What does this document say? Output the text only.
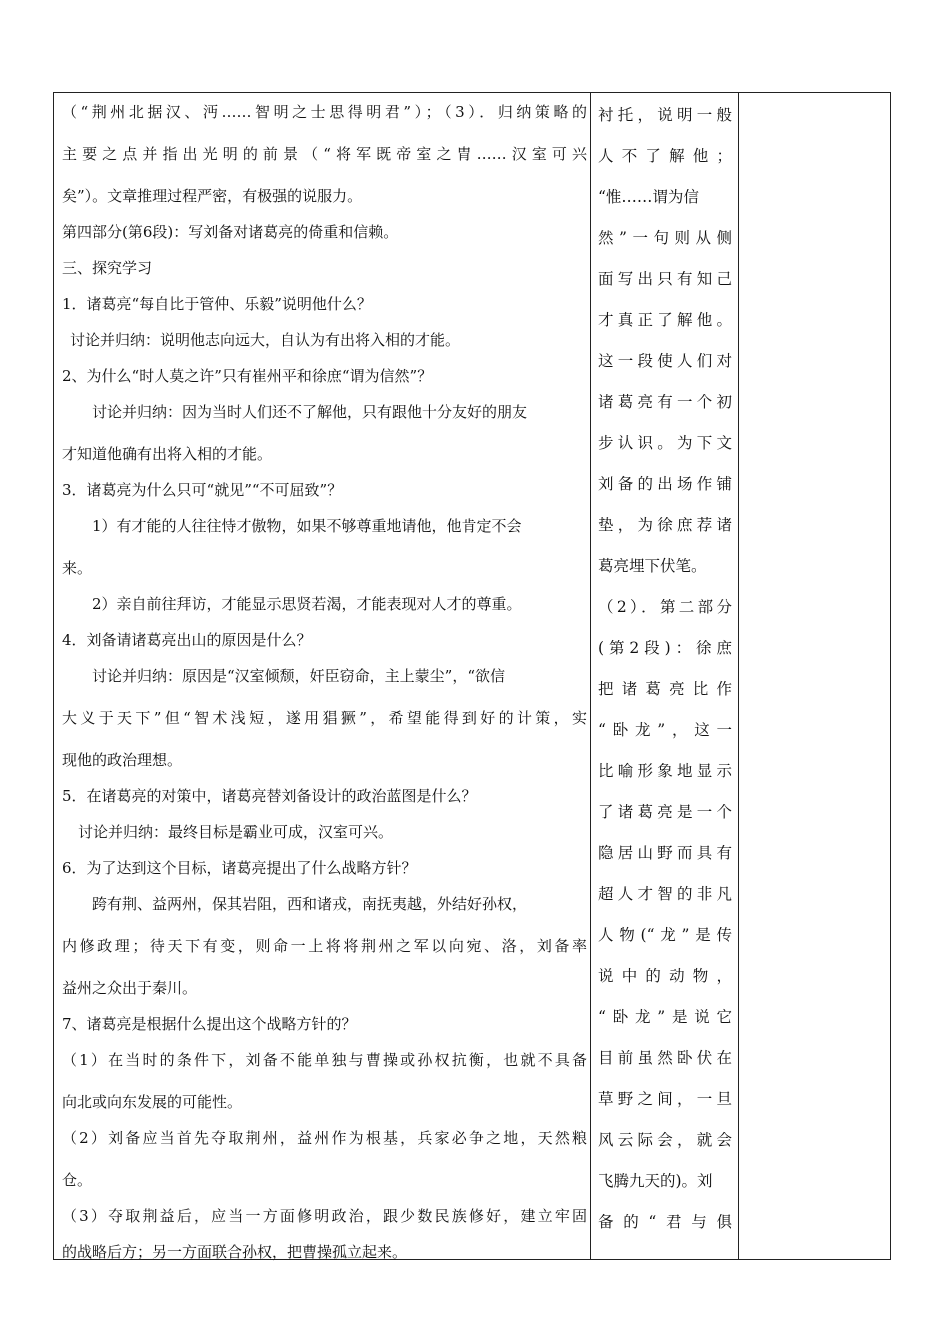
（“荆州北据汉、沔……智明之士思得明君”）；（3）．归纳策略的
主要之点并指出光明的前景（“将军既帝室之胄……汉室可兴
矣”）。文章推理过程严密，有极强的说服力。
第四部分(第6段)：写刘备对诸葛亮的倚重和信赖。
三、探究学习
1．诸葛亮“每自比于管仲、乐毅”说明他什么？
讨论并归纳：说明他志向远大，自认为有出将入相的才能。
2、为什么“时人莫之许”只有崔州平和徐庶“谓为信然”？
讨论并归纳：因为当时人们还不了解他，只有跟他十分友好的朋友
才知道他确有出将入相的才能。
3．诸葛亮为什么只可“就见”“不可屈致”？
1）有才能的人往往恃才傲物，如果不够尊重地请他，他肯定不会
来。
2）亲自前往拜访，才能显示思贤若渴，才能表现对人才的尊重。
4．刘备请诸葛亮出山的原因是什么？
讨论并归纳：原因是“汉室倾颓，奸臣窃命，主上蒙尘”，“欲信
大义于天下”但“智术浅短，遂用猖獗”，希望能得到好的计策，实
现他的政治理想。
5．在诸葛亮的对策中，诸葛亮替刘备设计的政治蓝图是什么？
讨论并归纳：最终目标是霸业可成，汉室可兴。
6．为了达到这个目标，诸葛亮提出了什么战略方针？
跨有荆、益两州，保其岩阻，西和诸戎，南抚夷越，外结好孙权，
内修政理；待天下有变，则命一上将将荆州之军以向宛、洛，刘备率
益州之众出于秦川。
7、诸葛亮是根据什么提出这个战略方针的？
（1）在当时的条件下，刘备不能单独与曹操或孙权抗衡，也就不具备
向北或向东发展的可能性。
（2）刘备应当首先夺取荆州，益州作为根基，兵家必争之地，天然粮
仓。
（3）夺取荆益后，应当一方面修明政治，跟少数民族修好，建立牢固
的战略后方；另一方面联合孙权，把曹操孤立起来。
衬托，说明一般
人不了解他；
“惟……谓为信
然”一句则从侧
面写出只有知己
才真正了解他。
这一段使人们对
诸葛亮有一个初
步认识。为下文
刘备的出场作铺
垫，为徐庶荐诸
葛亮埋下伏笔。
（2）．第二部分
(第2段)：徐庶
把诸葛亮比作
“卧龙”，这一
比喻形象地显示
了诸葛亮是一个
隐居山野而具有
超人才智的非凡
人物(“龙”是传
说中的动物，
“卧龙”是说它
目前虽然卧伏在
草野之间，一旦
风云际会，就会
飞腾九天的)。刘
备的“君与俱
